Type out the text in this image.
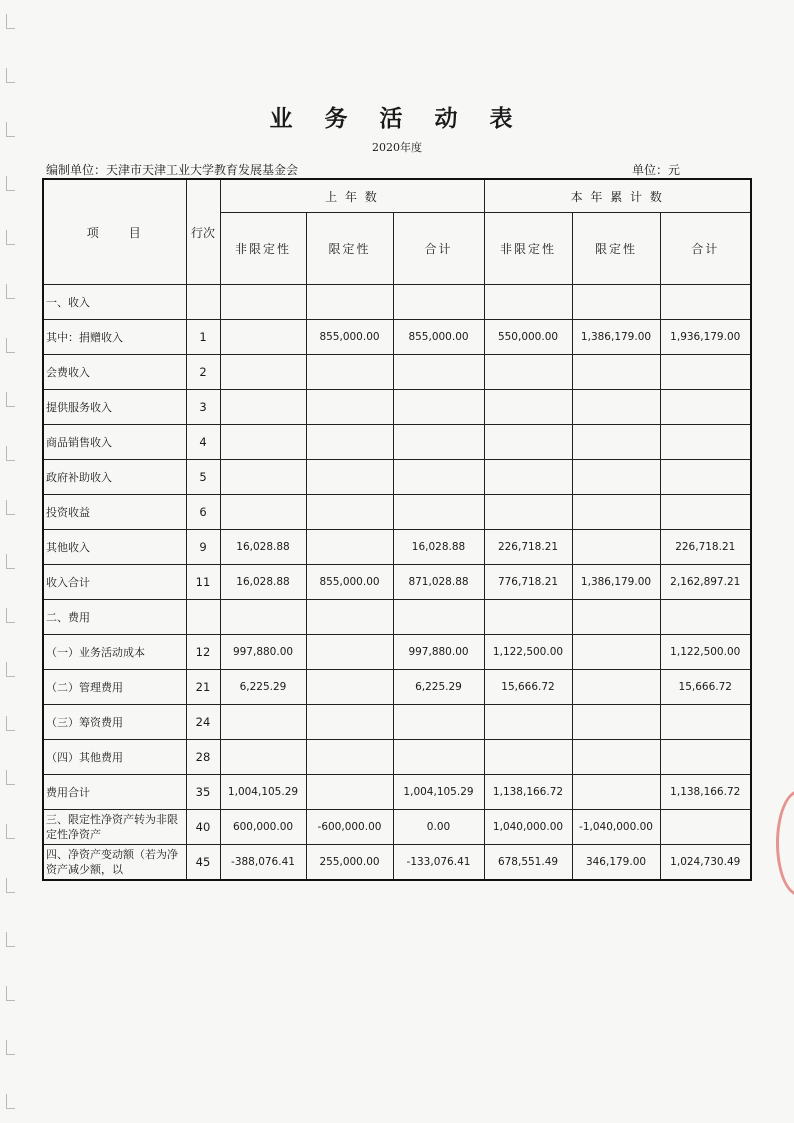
业 务 活 动 表
2020年度
编制单位：天津市天津工业大学教育发展基金会	单位：元
项　　目	行次	上 年 数			本 年 累 计 数		
		非限定性	限定性	合计	非限定性	限定性	合计
一、收入							
其中：捐赠收入	1		855,000.00	855,000.00	550,000.00	1,386,179.00	1,936,179.00
会费收入	2						
提供服务收入	3						
商品销售收入	4						
政府补助收入	5						
投资收益	6						
其他收入	9	16,028.88		16,028.88	226,718.21		226,718.21
收入合计	11	16,028.88	855,000.00	871,028.88	776,718.21	1,386,179.00	2,162,897.21
二、费用							
（一）业务活动成本	12	997,880.00		997,880.00	1,122,500.00		1,122,500.00
（二）管理费用	21	6,225.29		6,225.29	15,666.72		15,666.72
（三）筹资费用	24						
（四）其他费用	28						
费用合计	35	1,004,105.29		1,004,105.29	1,138,166.72		1,138,166.72
三、限定性净资产转为非限定性净资产	40	600,000.00	-600,000.00	0.00	1,040,000.00	-1,040,000.00	
四、净资产变动额（若为净资产减少额，以	45	-388,076.41	255,000.00	-133,076.41	678,551.49	346,179.00	1,024,730.49
